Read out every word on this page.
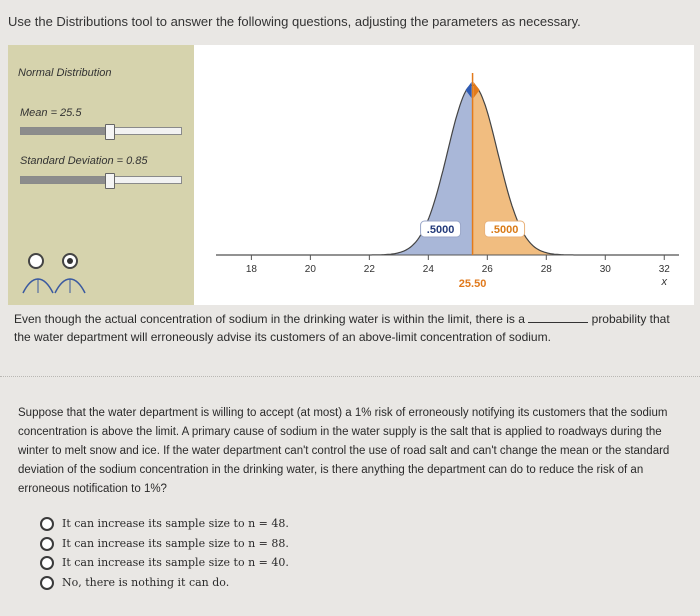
Use the Distributions tool to answer the following questions, adjusting the parameters as necessary.
Normal Distribution
Mean = 25.5
Standard Deviation = 0.85
18	20	22	24	26	28	30	32
.5000	.5000
25.50	x
Even though the actual concentration of sodium in the drinking water is within the limit, there is a	probability that the water department will erroneously advise its customers of an above-limit concentration of sodium.
Suppose that the water department is willing to accept (at most) a 1% risk of erroneously notifying its customers that the sodium concentration is above the limit. A primary cause of sodium in the water supply is the salt that is applied to roadways during the winter to melt snow and ice. If the water department can't control the use of road salt and can't change the mean or the standard deviation of the sodium concentration in the drinking water, is there anything the department can do to reduce the risk of an erroneous notification to 1%?
It can increase its sample size to n = 48.
It can increase its sample size to n = 88.
It can increase its sample size to n = 40.
No, there is nothing it can do.
